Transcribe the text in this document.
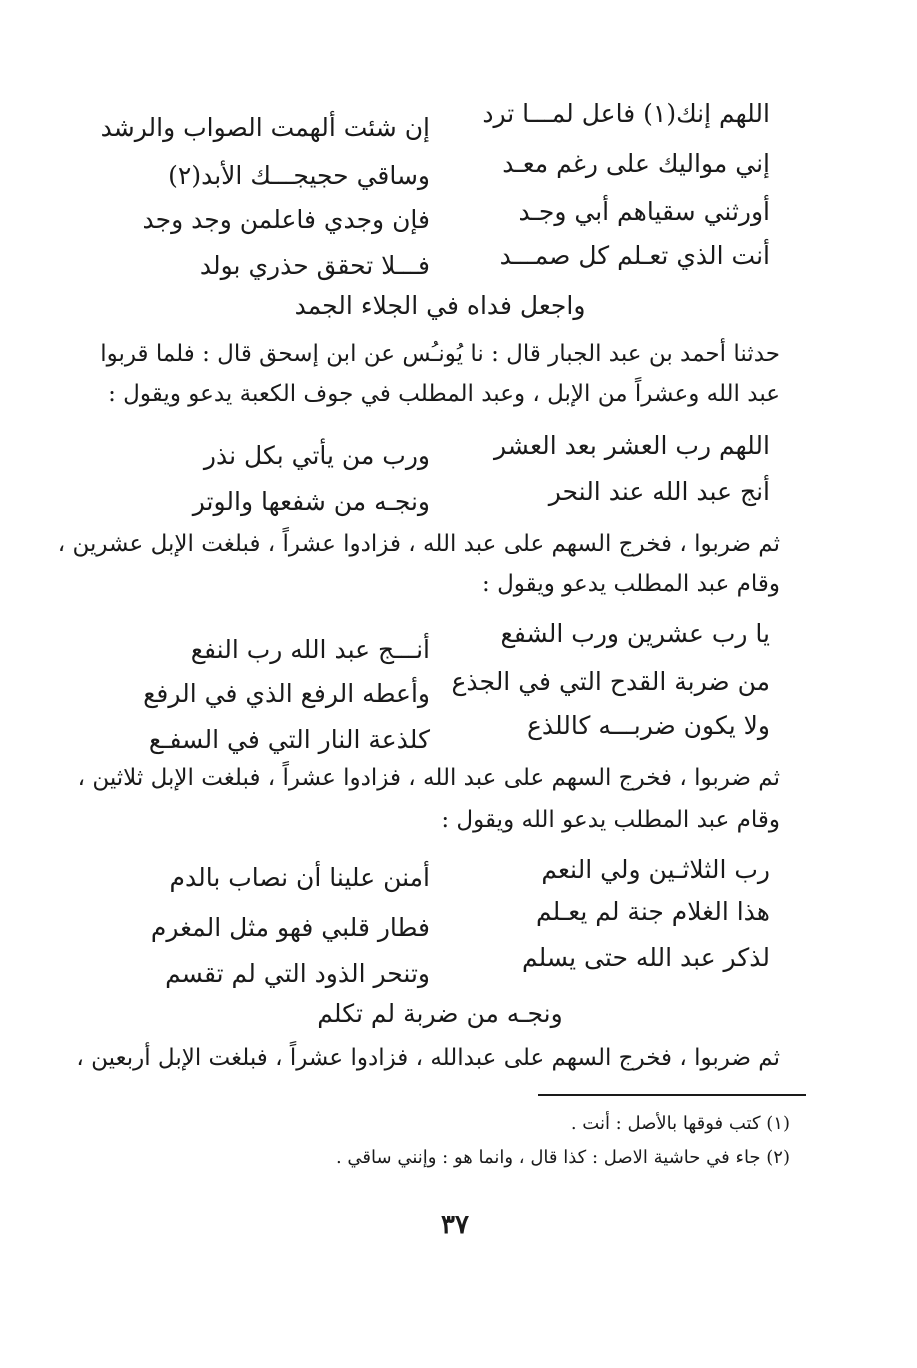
اللهم إنك(١) فاعل لمـــا ترد
إن شئت ألهمت الصواب والرشد
إني مواليك على رغم معـد
وساقي حجيجـــك الأبد(٢)
أورثني سقياهم أبي وجـد
فإن وجدي فاعلمن وجد وجد
أنت الذي تعـلم كل صمـــد
فـــلا تحقق حذري بولد
واجعل فداه في الجلاء الجمد
حدثنا أحمد بن عبد الجبار قال : نا يُونـُس عن ابن إسحق قال : فلما قربوا
عبد الله وعشراً من الإبل ، وعبد المطلب في جوف الكعبة يدعو ويقول :
اللهم رب العشر بعد العشر
ورب من يأتي بكل نذر
أنج عبد الله عند النحر
ونجـه من شفعها والوتر
ثم ضربوا ، فخرج السهم على عبد الله ، فزادوا عشراً ، فبلغت الإبل عشرين ،
وقام عبد المطلب يدعو ويقول :
يا رب عشرين ورب الشفع
أنـــج عبد الله رب النفع
من ضربة القدح التي في الجذع
وأعطه الرفع الذي في الرفع
ولا يكون ضربـــه كاللذع
كلذعة النار التي في السفـع
ثم ضربوا ، فخرج السهم على عبد الله ، فزادوا عشراً ، فبلغت الإبل ثلاثين ،
وقام عبد المطلب يدعو الله ويقول :
رب الثلاثـين ولي النعم
أمنن علينا أن نصاب بالدم
هذا الغلام جنة لم يعـلم
فطار قلبي فهو مثل المغرم
لذكر عبد الله حتى يسلم
وتنحر الذود التي لم تقسم
ونجـه من ضربة لم تكلم
ثم ضربوا ، فخرج السهم على عبدالله ، فزادوا عشراً ، فبلغت الإبل أربعين ،
(١) كتب فوقها بالأصل : أنت .
(٢) جاء في حاشية الاصل : كذا قال ، وانما هو : وإنني ساقي .
٣٧
